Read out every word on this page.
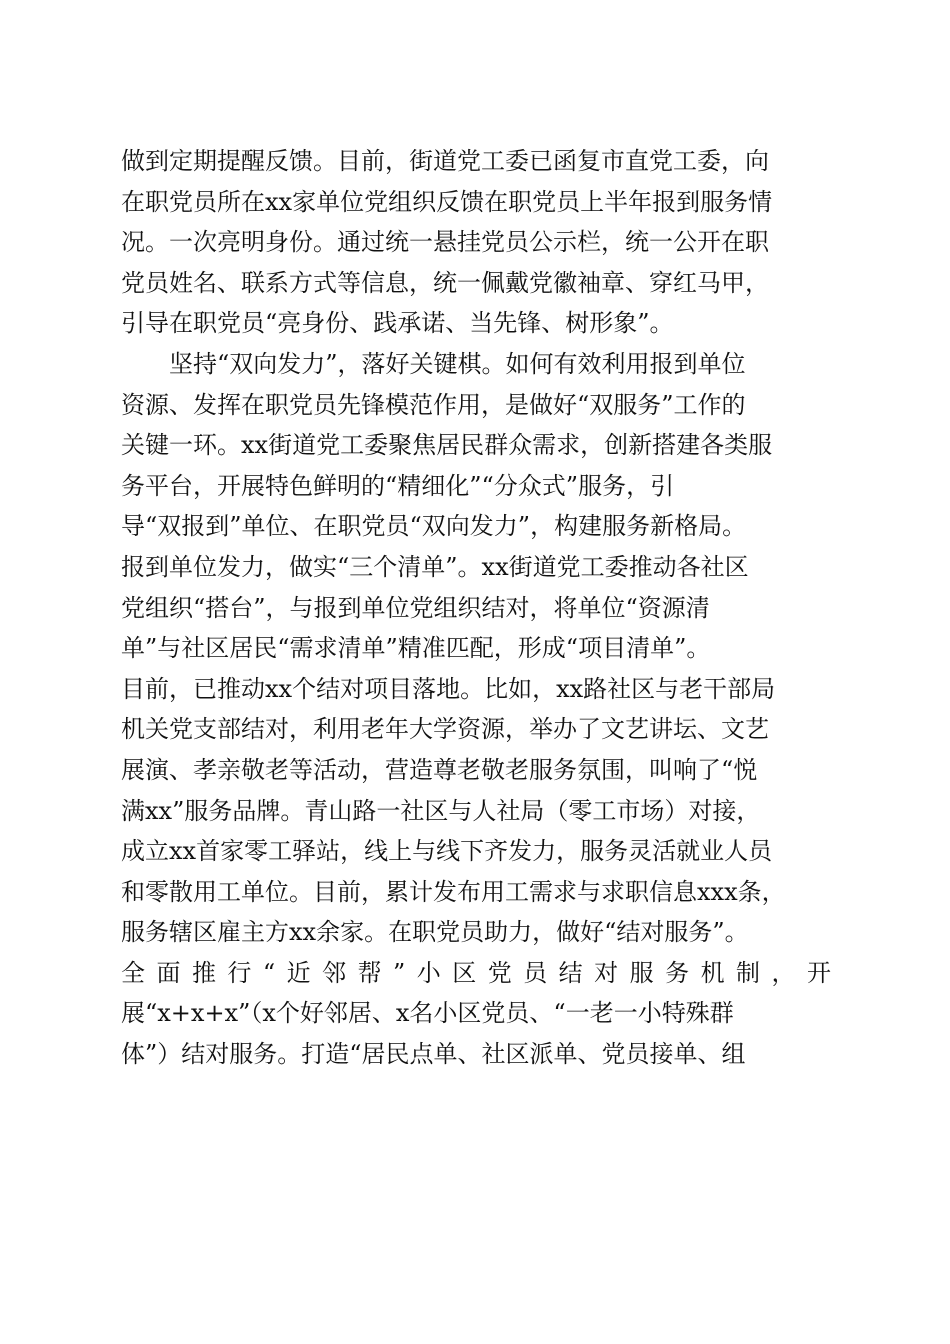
做到定期提醒反馈。目前，街道党工委已函复市直党工委，向
在职党员所在xx家单位党组织反馈在职党员上半年报到服务情
况。一次亮明身份。通过统一悬挂党员公示栏，统一公开在职
党员姓名、联系方式等信息，统一佩戴党徽袖章、穿红马甲，
引导在职党员“亮身份、践承诺、当先锋、树形象”。
坚持“双向发力”，落好关键棋。如何有效利用报到单位
资源、发挥在职党员先锋模范作用，是做好“双服务”工作的
关键一环。xx街道党工委聚焦居民群众需求，创新搭建各类服
务平台，开展特色鲜明的“精细化”“分众式”服务，引
导“双报到”单位、在职党员“双向发力”，构建服务新格局。
报到单位发力，做实“三个清单”。xx街道党工委推动各社区
党组织“搭台”，与报到单位党组织结对，将单位“资源清
单”与社区居民“需求清单”精准匹配，形成“项目清单”。
目前，已推动xx个结对项目落地。比如，xx路社区与老干部局
机关党支部结对，利用老年大学资源，举办了文艺讲坛、文艺
展演、孝亲敬老等活动，营造尊老敬老服务氛围，叫响了“悦
满xx”服务品牌。青山路一社区与人社局（零工市场）对接，
成立xx首家零工驿站，线上与线下齐发力，服务灵活就业人员
和零散用工单位。目前，累计发布用工需求与求职信息xxx条，
服务辖区雇主方xx余家。在职党员助力，做好“结对服务”。
全面推行“近邻帮”小区党员结对服务机制，开
展“x+x+x”（x个好邻居、x名小区党员、“一老一小特殊群
体”）结对服务。打造“居民点单、社区派单、党员接单、组
